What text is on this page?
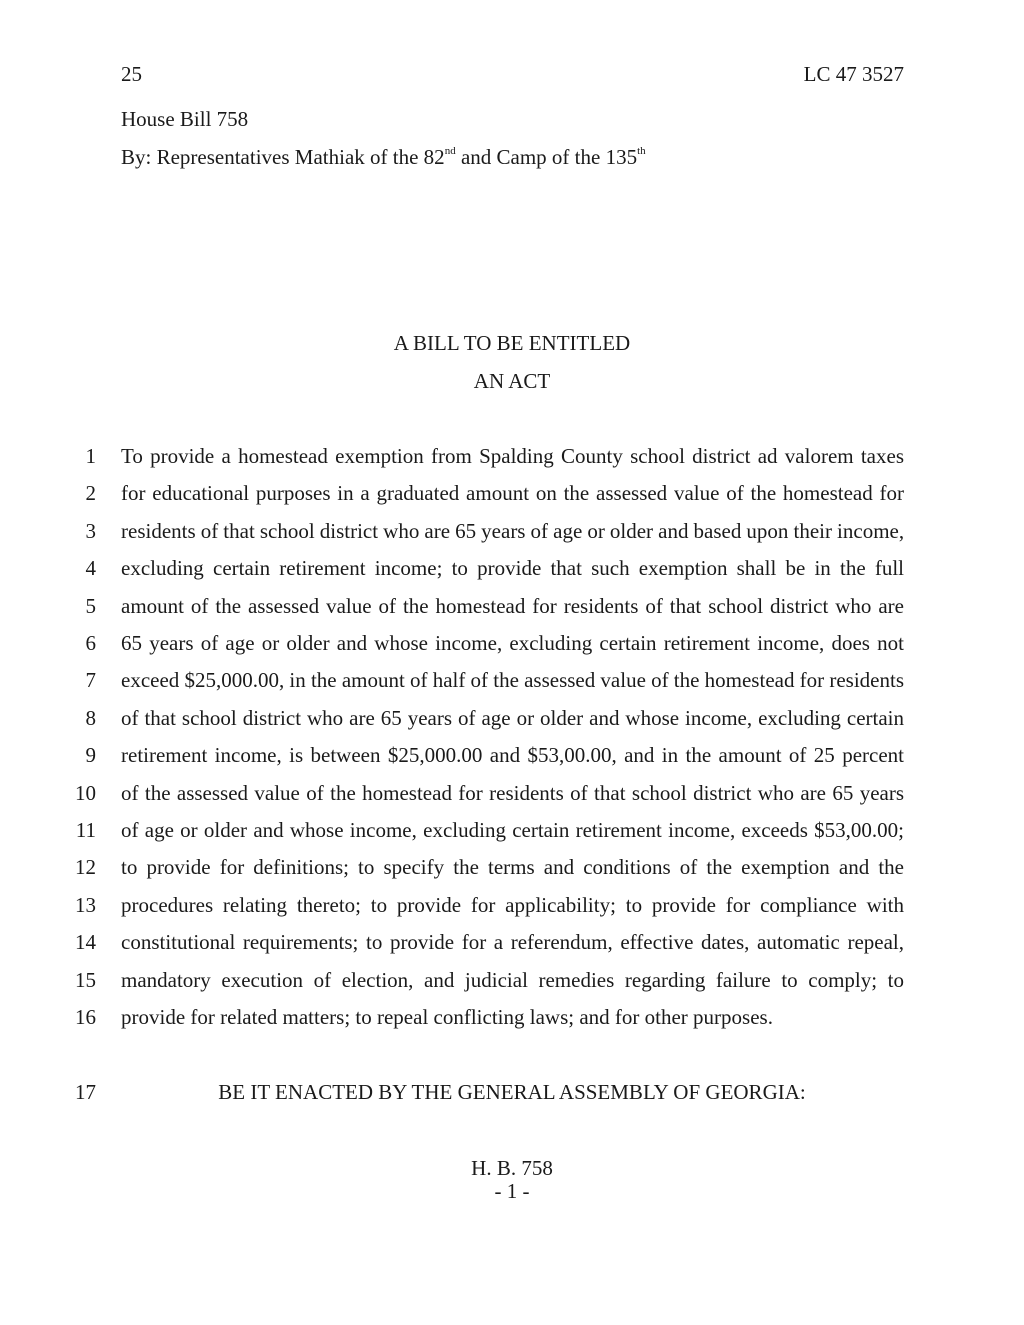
25	LC 47 3527
House Bill 758
By: Representatives Mathiak of the 82nd and Camp of the 135th
A BILL TO BE ENTITLED
AN ACT
1 To provide a homestead exemption from Spalding County school district ad valorem taxes
2 for educational purposes in a graduated amount on the assessed value of the homestead for
3 residents of that school district who are 65 years of age or older and based upon their income,
4 excluding certain retirement income; to provide that such exemption shall be in the full
5 amount of the assessed value of the homestead for residents of that school district who are
6 65 years of age or older and whose income, excluding certain retirement income, does not
7 exceed $25,000.00, in the amount of half of the assessed value of the homestead for residents
8 of that school district who are 65 years of age or older and whose income, excluding certain
9 retirement income, is between $25,000.00 and $53,00.00, and in the amount of 25 percent
10 of the assessed value of the homestead for residents of that school district who are 65 years
11 of age or older and whose income, excluding certain retirement income, exceeds $53,00.00;
12 to provide for definitions; to specify the terms and conditions of the exemption and the
13 procedures relating thereto; to provide for applicability; to provide for compliance with
14 constitutional requirements; to provide for a referendum, effective dates, automatic repeal,
15 mandatory execution of election, and judicial remedies regarding failure to comply; to
16 provide for related matters; to repeal conflicting laws; and for other purposes.
17	BE IT ENACTED BY THE GENERAL ASSEMBLY OF GEORGIA:
H. B. 758
- 1 -
